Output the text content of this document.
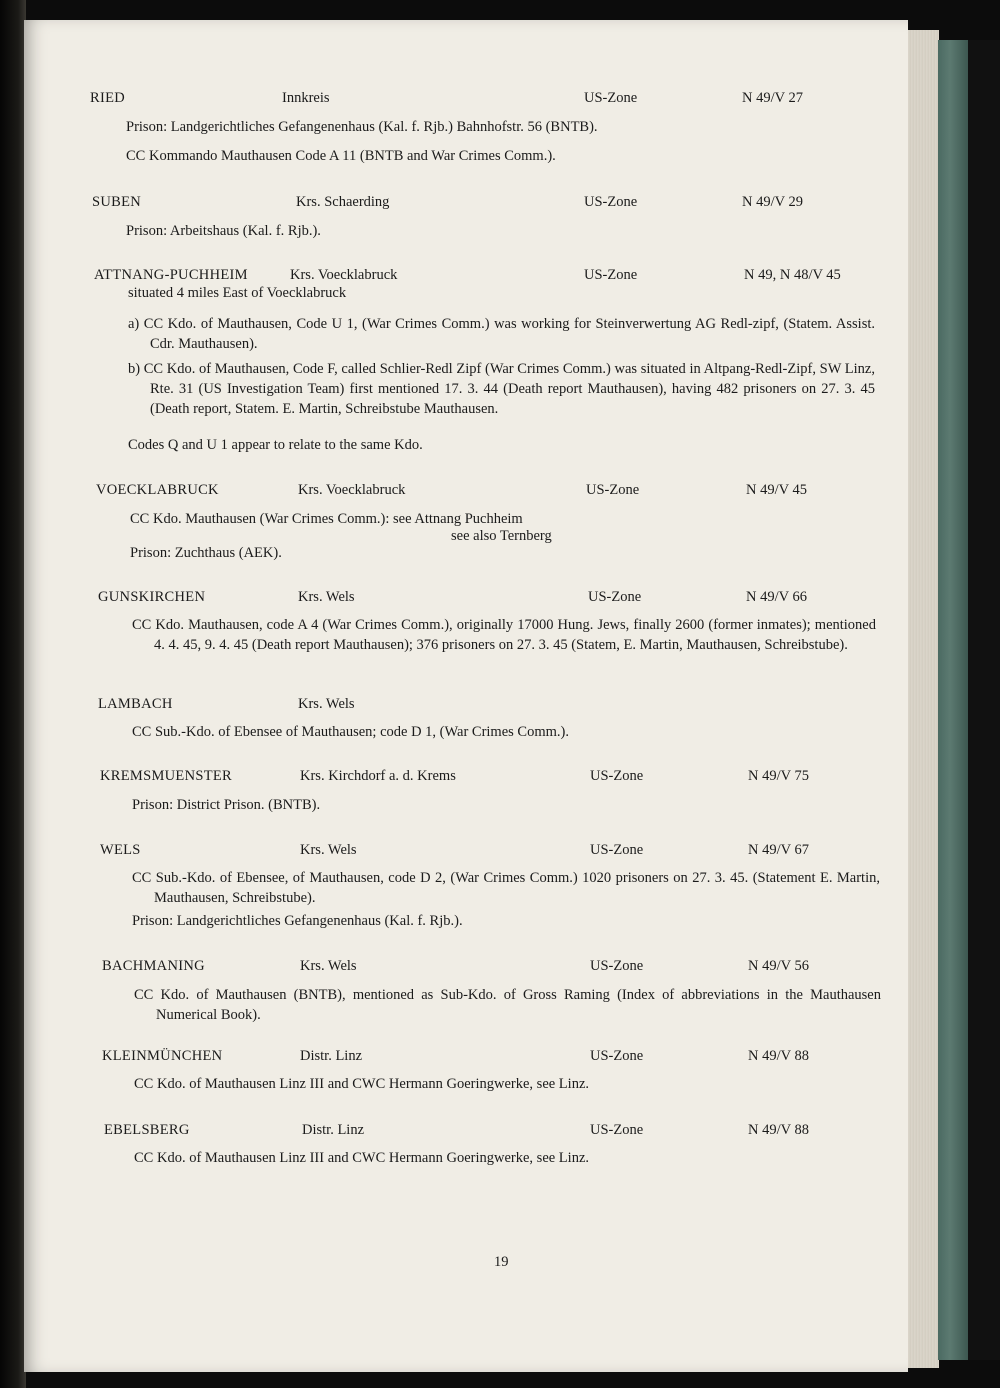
RIED	Innkreis	US-Zone	N 49/V 27
Prison: Landgerichtliches Gefangenenhaus (Kal. f. Rjb.) Bahnhofstr. 56 (BNTB).
CC Kommando Mauthausen Code A 11 (BNTB and War Crimes Comm.).
SUBEN	Krs. Schaerding	US-Zone	N 49/V 29
Prison: Arbeitshaus (Kal. f. Rjb.).
ATTNANG-PUCHHEIM	Krs. Voecklabruck	US-Zone	N 49, N 48/V 45
situated 4 miles East of Voecklabruck
a) CC Kdo. of Mauthausen, Code U 1, (War Crimes Comm.) was working for Steinverwertung AG Redl-zipf, (Statem. Assist. Cdr. Mauthausen).
b) CC Kdo. of Mauthausen, Code F, called Schlier-Redl Zipf (War Crimes Comm.) was situated in Altpang-Redl-Zipf, SW Linz, Rte. 31 (US Investigation Team) first mentioned 17. 3. 44 (Death report Mauthausen), having 482 prisoners on 27. 3. 45 (Death report, Statem. E. Martin, Schreibstube Mauthausen.
Codes Q and U 1 appear to relate to the same Kdo.
VOECKLABRUCK	Krs. Voecklabruck	US-Zone	N 49/V 45
CC Kdo. Mauthausen (War Crimes Comm.): see Attnang Puchheim
see also Ternberg
Prison: Zuchthaus (AEK).
GUNSKIRCHEN	Krs. Wels	US-Zone	N 49/V 66
CC Kdo. Mauthausen, code A 4 (War Crimes Comm.), originally 17000 Hung. Jews, finally 2600 (former inmates); mentioned 4. 4. 45, 9. 4. 45 (Death report Mauthausen); 376 prisoners on 27. 3. 45 (Statem, E. Martin, Mauthausen, Schreibstube).
LAMBACH	Krs. Wels
CC Sub.-Kdo. of Ebensee of Mauthausen; code D 1, (War Crimes Comm.).
KREMSMUENSTER	Krs. Kirchdorf a. d. Krems	US-Zone	N 49/V 75
Prison: District Prison. (BNTB).
WELS	Krs. Wels	US-Zone	N 49/V 67
CC Sub.-Kdo. of Ebensee, of Mauthausen, code D 2, (War Crimes Comm.) 1020 prisoners on 27. 3. 45. (Statement E. Martin, Mauthausen, Schreibstube).
Prison: Landgerichtliches Gefangenenhaus (Kal. f. Rjb.).
BACHMANING	Krs. Wels	US-Zone	N 49/V 56
CC Kdo. of Mauthausen (BNTB), mentioned as Sub-Kdo. of Gross Raming (Index of abbreviations in the Mauthausen Numerical Book).
KLEINMÜNCHEN	Distr. Linz	US-Zone	N 49/V 88
CC Kdo. of Mauthausen Linz III and CWC Hermann Goeringwerke, see Linz.
EBELSBERG	Distr. Linz	US-Zone	N 49/V 88
CC Kdo. of Mauthausen Linz III and CWC Hermann Goeringwerke, see Linz.
19
